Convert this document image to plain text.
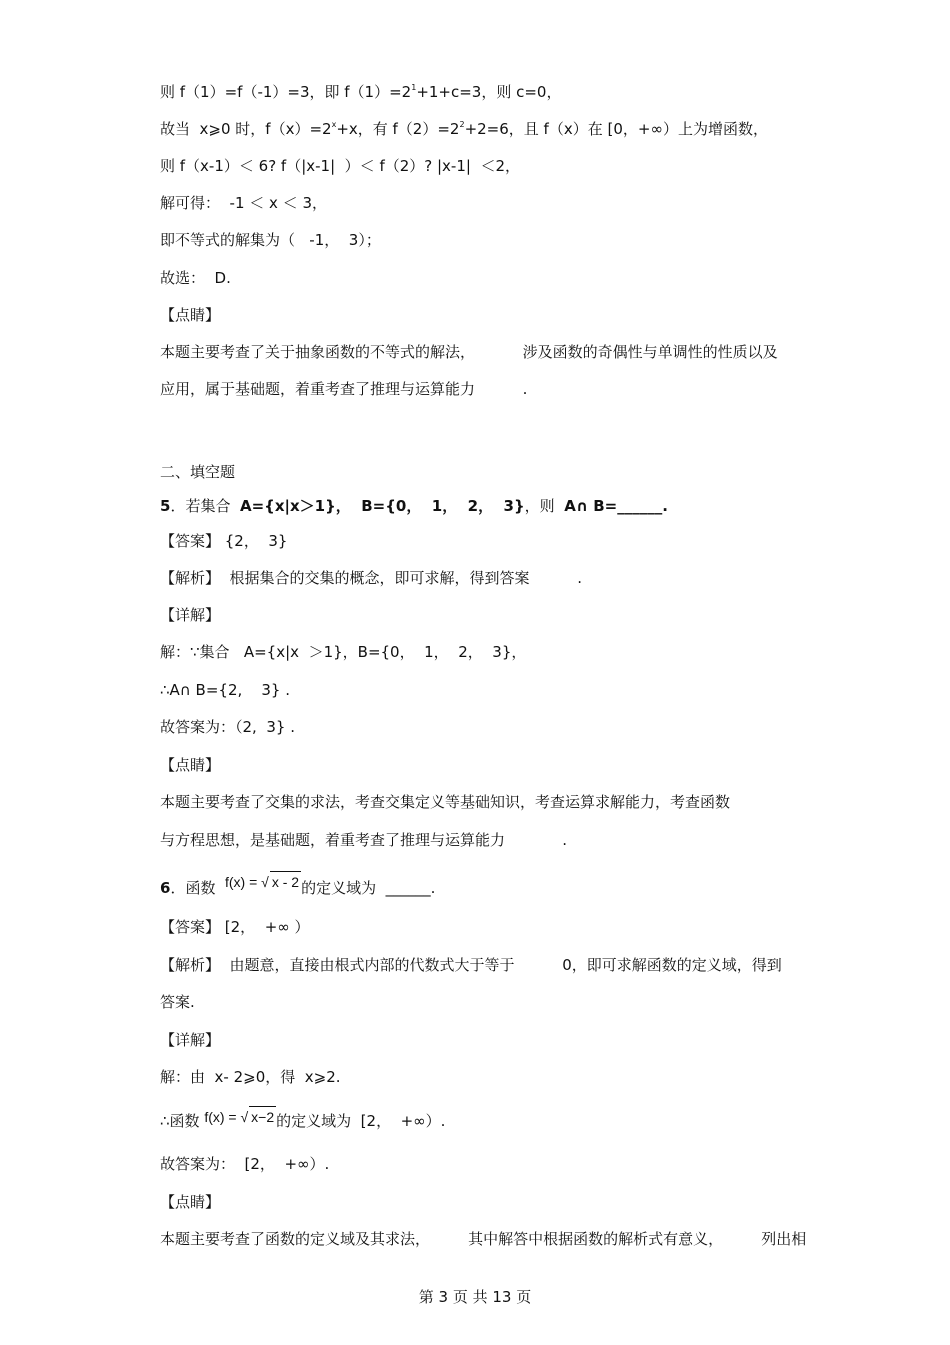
则 f（1）=f（-1）=3，即 $f(1)=2^1+1+c=3$，则 c=0，
故当  x⩾0 时，$f(x)=2^x+x$，有 $f(2)=2^2+2=6$，且 f（x）在 [0，+∞）上为增函数，
则 f（x-1）＜ 6? f（|x-1|  ）＜ f（2）? |x-1|  ＜2，
解可得：  -1 ＜ x ＜ 3，
即不等式的解集为（   -1，  3）；
故选：  D.
【点睛】
本题主要考查了关于抽象函数的不等式的解法，          涉及函数的奇偶性与单调性的性质以及
应用，属于基础题，着重考查了推理与运算能力          .
二、填空题
5．若集合  A={x|x＞1}，  B={0，  1，  2，  3}，则  A∩ B=______.
【答案】 {2，  3}
【解析】  根据集合的交集的概念，即可求解，得到答案          .
【详解】
解：∵集合   A={x|x  ＞1}，B={0，  1，  2，  3}，
∴A∩ B={2,    3} .
故答案为：（2,  3} .
【点睛】
本题主要考查了交集的求法，考查交集定义等基础知识，考查运算求解能力，考查函数
与方程思想，是基础题，着重考查了推理与运算能力            .
6．函数  f(x) = √ x - 2 的定义域为  ______.
【答案】 [2，  +∞ ）
【解析】  由题意，直接由根式内部的代数式大于等于          0，即可求解函数的定义域，得到
答案.
【详解】
解：由  x- 2⩾0，得  x⩾2.
∴函数 f(x) = √ x−2 的定义域为  [2，  +∞）.
故答案为：  [2，  +∞）.
【点睛】
本题主要考查了函数的定义域及其求法，        其中解答中根据函数的解析式有意义，        列出相
第 3 页 共 13 页
